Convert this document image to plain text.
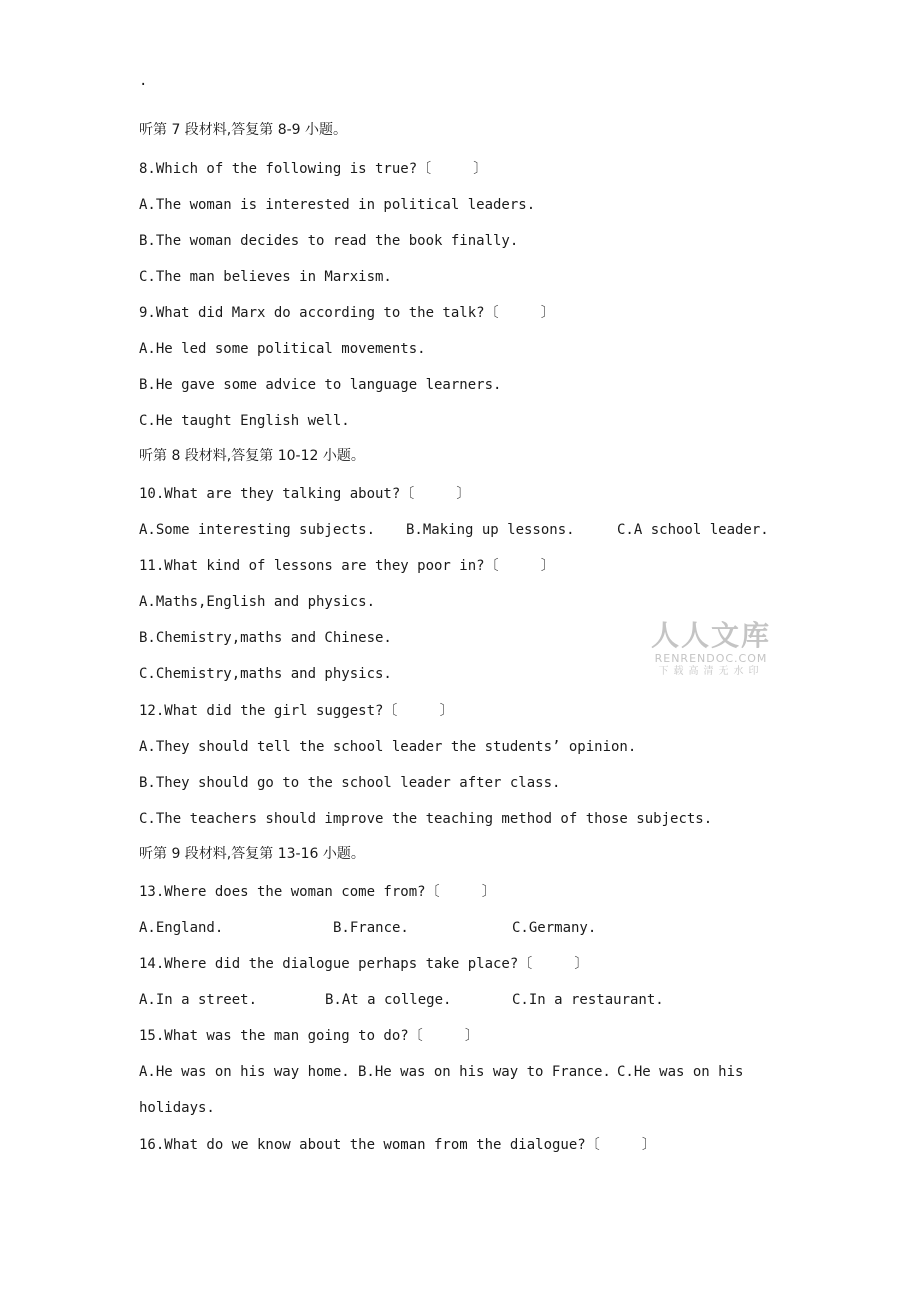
·
听第 7 段材料,答复第 8-9 小题。
8.Which of the following is true?〔     〕
A.The woman is interested in political leaders.
B.The woman decides to read the book finally.
C.The man believes in Marxism.
9.What did Marx do according to the talk?〔     〕
A.He led some political movements.
B.He gave some advice to language learners.
C.He taught English well.
听第 8 段材料,答复第 10-12 小题。
10.What are they talking about?〔     〕

A.Some interesting subjects.

B.Making up lessons.

	C.A school leader.

11.What kind of lessons are they poor in?〔     〕
A.Maths,English and physics.
B.Chemistry,maths and Chinese.
C.Chemistry,maths and physics.
12.What did the girl suggest?〔     〕
A.They should tell the school leader the students’ opinion.
B.They should go to the school leader after class.
C.The teachers should improve the teaching method of those subjects.
听第 9 段材料,答复第 13-16 小题。
13.Where does the woman come from?〔     〕

A.England.

	B.France.

	C.Germany.

14.Where did the dialogue perhaps take place?〔     〕

A.In a street.

	B.At a college.

	C.In a restaurant.

15.What was the man going to do?〔     〕

A.He was on his way home.

B.He was on his way to France.

C.He was on his

holidays.
16.What do we know about the woman from the dialogue?〔     〕
人人文库
RENRENDOC.COM
下载高清无水印
